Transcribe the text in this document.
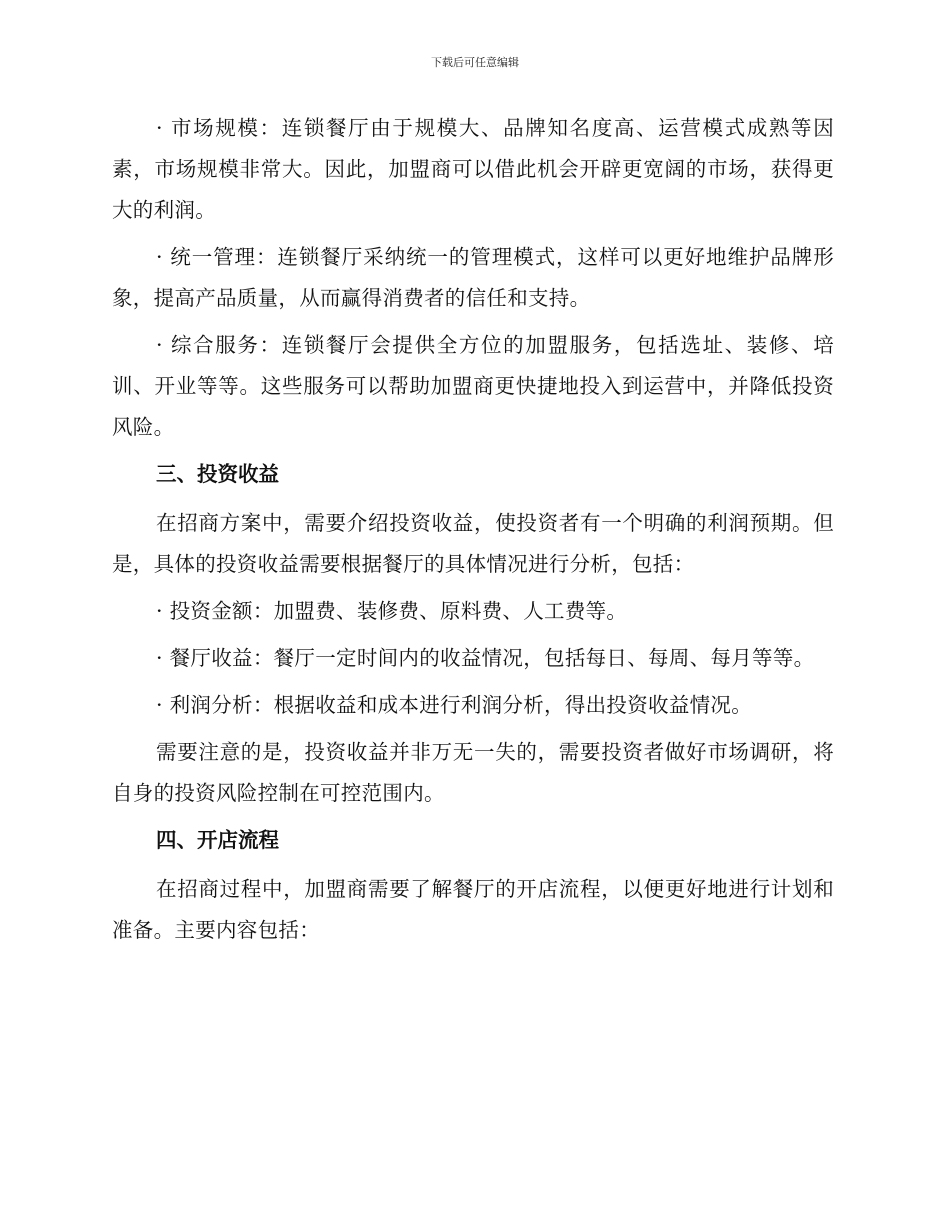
下载后可任意编辑

· 市场规模：连锁餐厅由于规模大、品牌知名度高、运营模式成熟等因素，市场规模非常大。因此，加盟商可以借此机会开辟更宽阔的市场，获得更大的利润。

· 统一管理：连锁餐厅采纳统一的管理模式，这样可以更好地维护品牌形象，提高产品质量，从而赢得消费者的信任和支持。

· 综合服务：连锁餐厅会提供全方位的加盟服务，包括选址、装修、培训、开业等等。这些服务可以帮助加盟商更快捷地投入到运营中，并降低投资风险。

三、投资收益

在招商方案中，需要介绍投资收益，使投资者有一个明确的利润预期。但是，具体的投资收益需要根据餐厅的具体情况进行分析，包括：

· 投资金额：加盟费、装修费、原料费、人工费等。

· 餐厅收益：餐厅一定时间内的收益情况，包括每日、每周、每月等等。

· 利润分析：根据收益和成本进行利润分析，得出投资收益情况。

需要注意的是，投资收益并非万无一失的，需要投资者做好市场调研，将自身的投资风险控制在可控范围内。

四、开店流程

在招商过程中，加盟商需要了解餐厅的开店流程，以便更好地进行计划和准备。主要内容包括：
